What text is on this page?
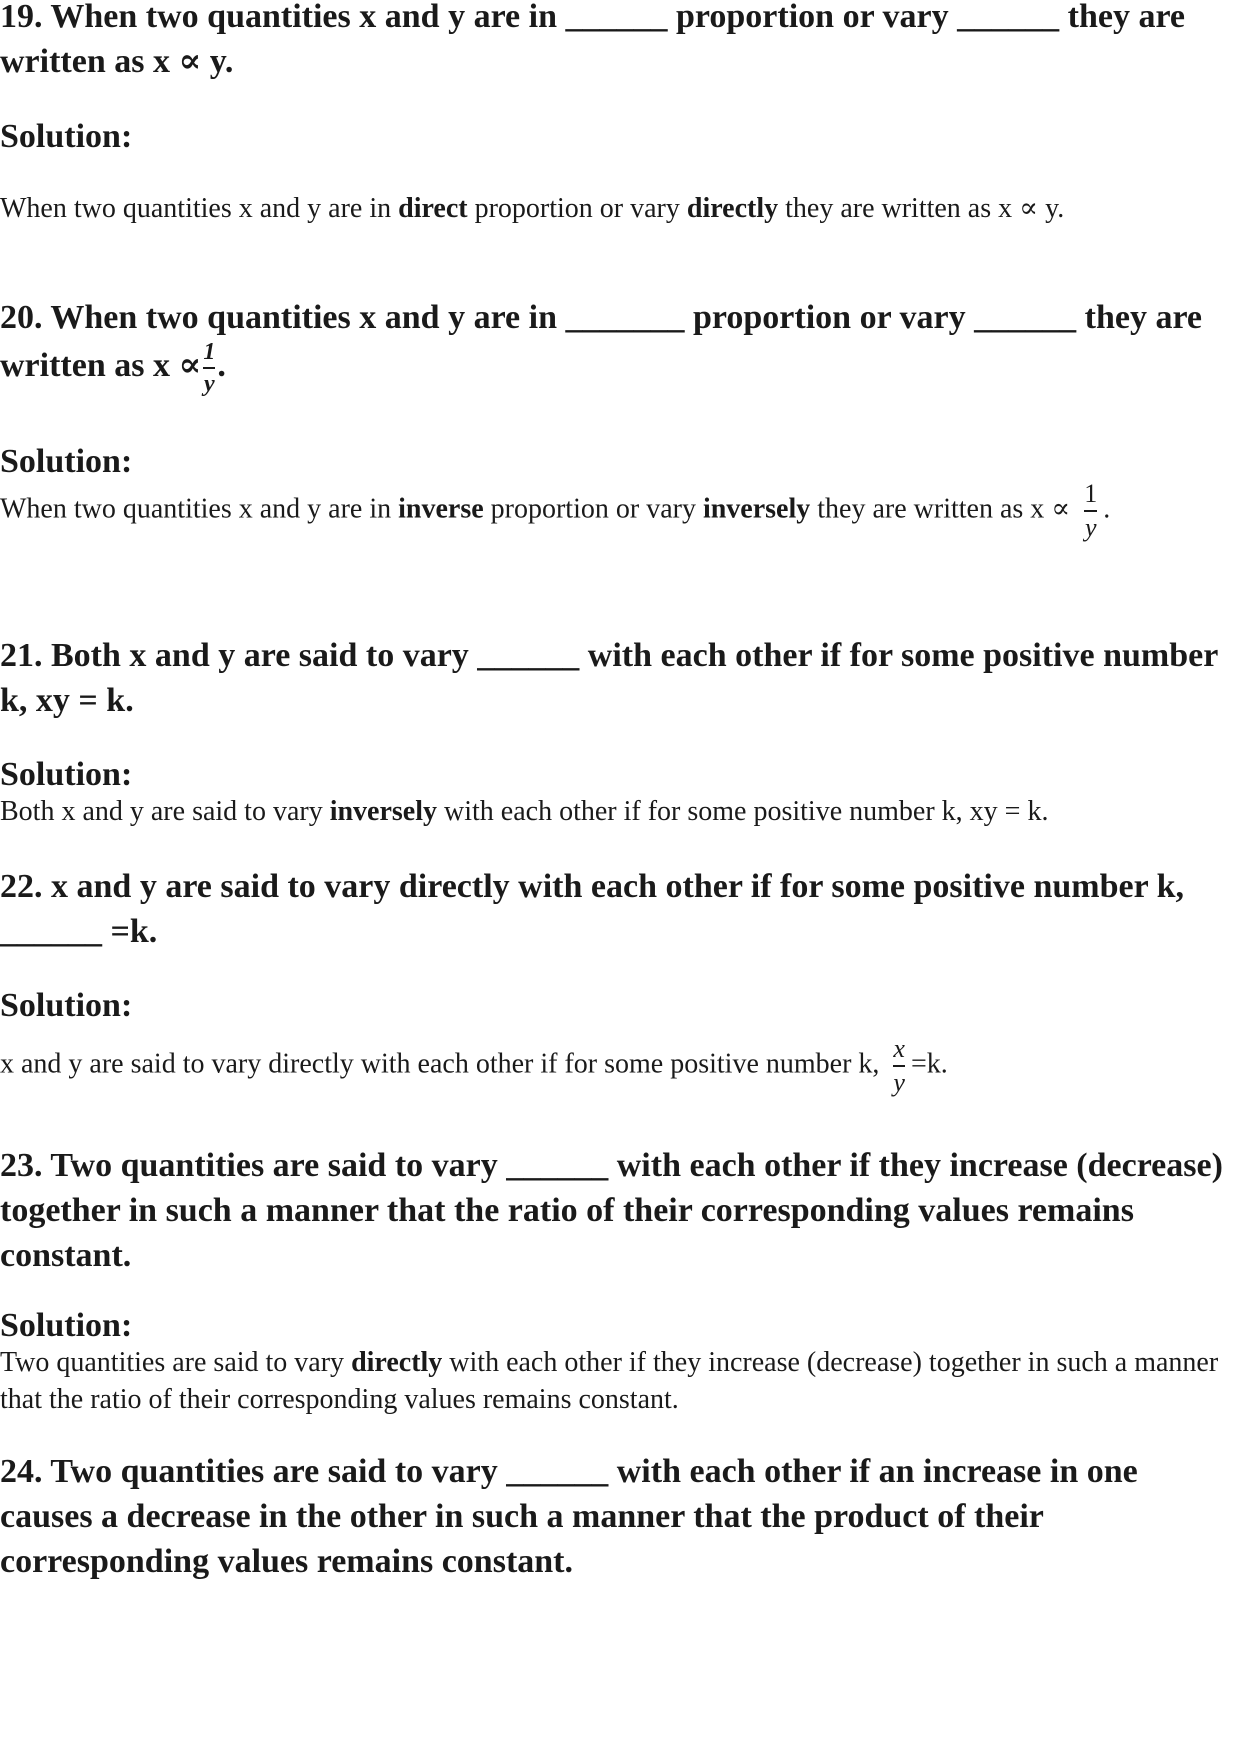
19. When two quantities x and y are in ______ proportion or vary ______ they are written as x ∝ y.

Solution:

When two quantities x and y are in direct proportion or vary directly they are written as x ∝ y.

20. When two quantities x and y are in _______ proportion or vary ______ they are written as $x \propto \frac{1}{y}$ .

Solution:

When two quantities x and y are in inverse proportion or vary inversely they are written as $x \propto \frac{1}{y}$ .

21. Both x and y are said to vary ______ with each other if for some positive number k, xy = k.

Solution:

Both x and y are said to vary inversely with each other if for some positive number k, xy = k.

22. x and y are said to vary directly with each other if for some positive number k, ______ =k.

Solution:

x and y are said to vary directly with each other if for some positive number k, $\frac{x}{y} =k$.

23. Two quantities are said to vary ______ with each other if they increase (decrease) together in such a manner that the ratio of their corresponding values remains constant.

Solution:

Two quantities are said to vary directly with each other if they increase (decrease) together in such a manner that the ratio of their corresponding values remains constant.

24. Two quantities are said to vary ______ with each other if an increase in one causes a decrease in the other in such a manner that the product of their corresponding values remains constant.
